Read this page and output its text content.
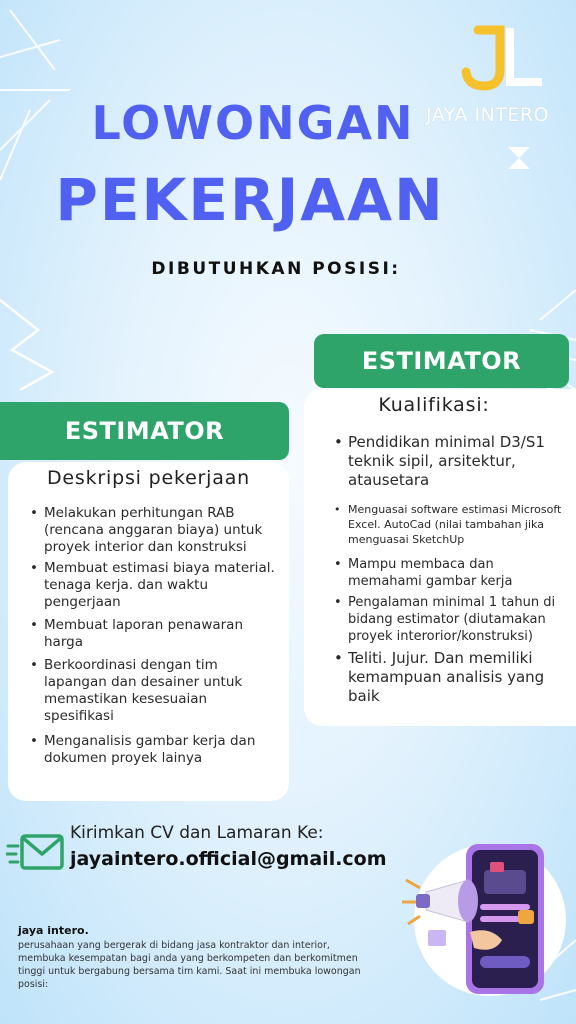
JAYA INTERO
LOWONGAN
PEKERJAAN
DIBUTUHKAN POSISI:
ESTIMATOR
Kualifikasi:
• Pendidikan minimal D3/S1 teknik sipil, arsitektur, atausetara
• Menguasai software estimasi Microsoft Excel. AutoCad (nilai tambahan jika menguasai SketchUp
• Mampu membaca dan memahami gambar kerja
• Pengalaman minimal 1 tahun di bidang estimator (diutamakan proyek interorior/konstruksi)
• Teliti. Jujur. Dan memiliki kemampuan analisis yang baik
ESTIMATOR
Deskripsi pekerjaan
• Melakukan perhitungan RAB (rencana anggaran biaya) untuk proyek interior dan konstruksi
• Membuat estimasi biaya material. tenaga kerja. dan waktu pengerjaan
• Membuat laporan penawaran harga
• Berkoordinasi dengan tim lapangan dan desainer untuk memastikan kesesuaian spesifikasi
• Menganalisis gambar kerja dan dokumen proyek lainya
Kirimkan CV dan Lamaran Ke:
jayaintero.official@gmail.com
jaya intero.
perusahaan yang bergerak di bidang jasa kontraktor dan interior, membuka kesempatan bagi anda yang berkompeten dan berkomitmen tinggi untuk bergabung bersama tim kami. Saat ini membuka lowongan posisi:
